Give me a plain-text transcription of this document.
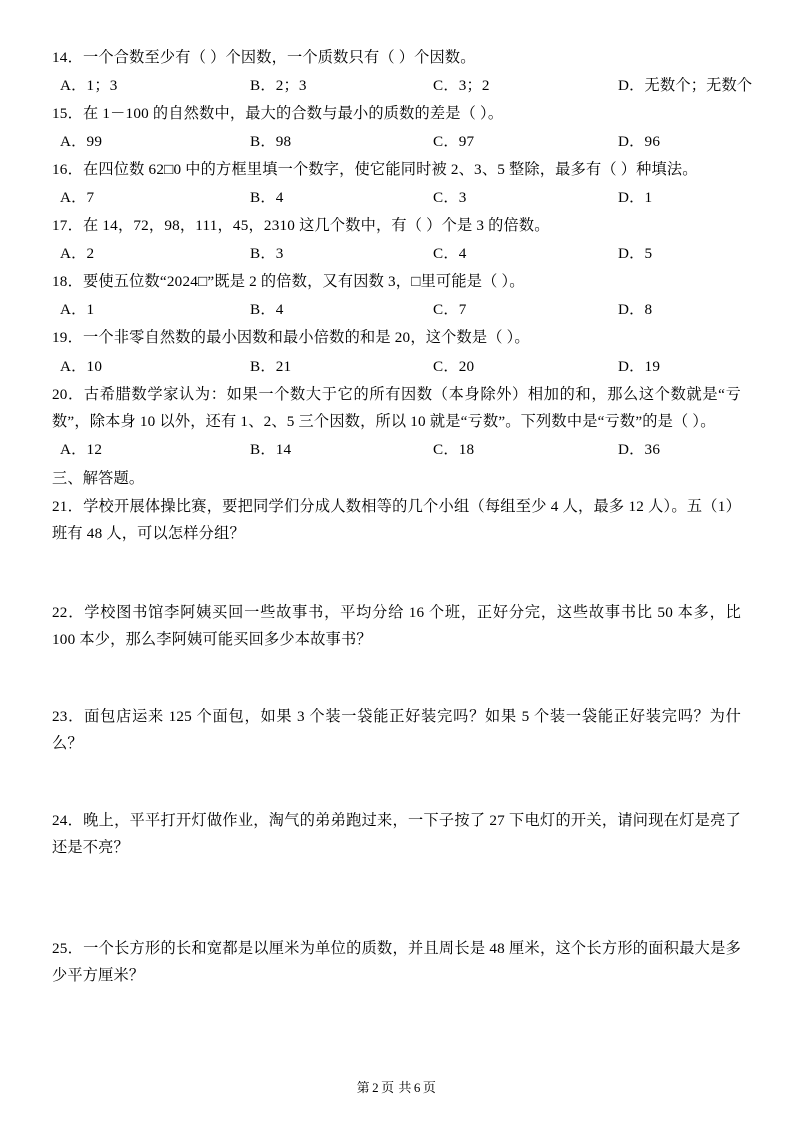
14．一个合数至少有（ ）个因数，一个质数只有（ ）个因数。
A．1；3	B．2；3	C．3；2	D．无数个；无数个
15．在 1－100 的自然数中，最大的合数与最小的质数的差是（ ）。
A．99	B．98	C．97	D．96
16．在四位数 62□0 中的方框里填一个数字，使它能同时被 2、3、5 整除，最多有（ ）种填法。
A．7	B．4	C．3	D．1
17．在 14，72，98，111，45，2310 这几个数中，有（ ）个是 3 的倍数。
A．2	B．3	C．4	D．5
18．要使五位数“2024□”既是 2 的倍数，又有因数 3，□里可能是（ ）。
A．1	B．4	C．7	D．8
19．一个非零自然数的最小因数和最小倍数的和是 20，这个数是（ ）。
A．10	B．21	C．20	D．19
20．古希腊数学家认为：如果一个数大于它的所有因数（本身除外）相加的和，那么这个数就是“亏数”，除本身 10 以外，还有 1、2、5 三个因数，所以 10 就是“亏数”。下列数中是“亏数”的是（ ）。
A．12	B．14	C．18	D．36
三、解答题。
21．学校开展体操比赛，要把同学们分成人数相等的几个小组（每组至少 4 人，最多 12 人）。五（1）班有 48 人，可以怎样分组？
22．学校图书馆李阿姨买回一些故事书，平均分给 16 个班，正好分完，这些故事书比 50 本多，比 100 本少，那么李阿姨可能买回多少本故事书？
23．面包店运来 125 个面包，如果 3 个装一袋能正好装完吗？如果 5 个装一袋能正好装完吗？为什么？
24．晚上，平平打开灯做作业，淘气的弟弟跑过来，一下子按了 27 下电灯的开关，请问现在灯是亮了还是不亮？
25．一个长方形的长和宽都是以厘米为单位的质数，并且周长是 48 厘米，这个长方形的面积最大是多少平方厘米？
第 2 页 共 6 页
